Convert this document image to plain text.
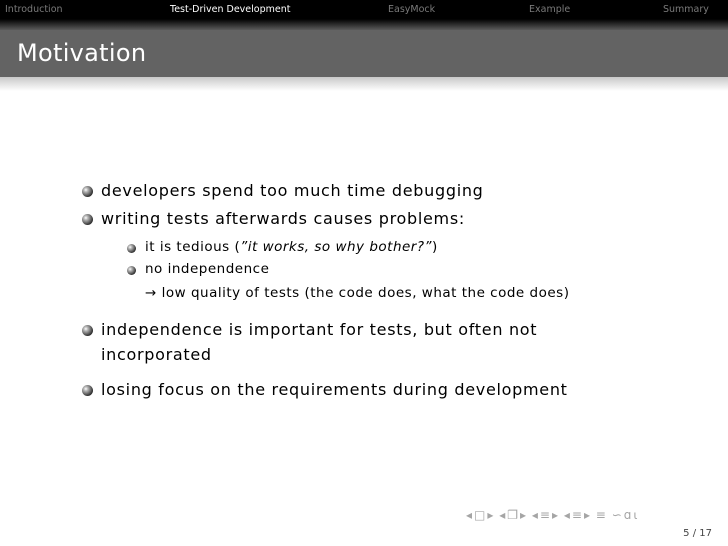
Introduction	Test-Driven Development	EasyMock	Example	Summary
Motivation
developers spend too much time debugging
writing tests afterwards causes problems:
it is tedious (”it works, so why bother?”)
no independence
→ low quality of tests (the code does, what the code does)
independence is important for tests, but often not
incorporated
losing focus on the requirements during development
◂ □ ▸ ◂ ❐ ▸ ◂ ≡ ▸ ◂ ≡ ▸ ≡ ∽ ɑ ⍳
5 / 17
